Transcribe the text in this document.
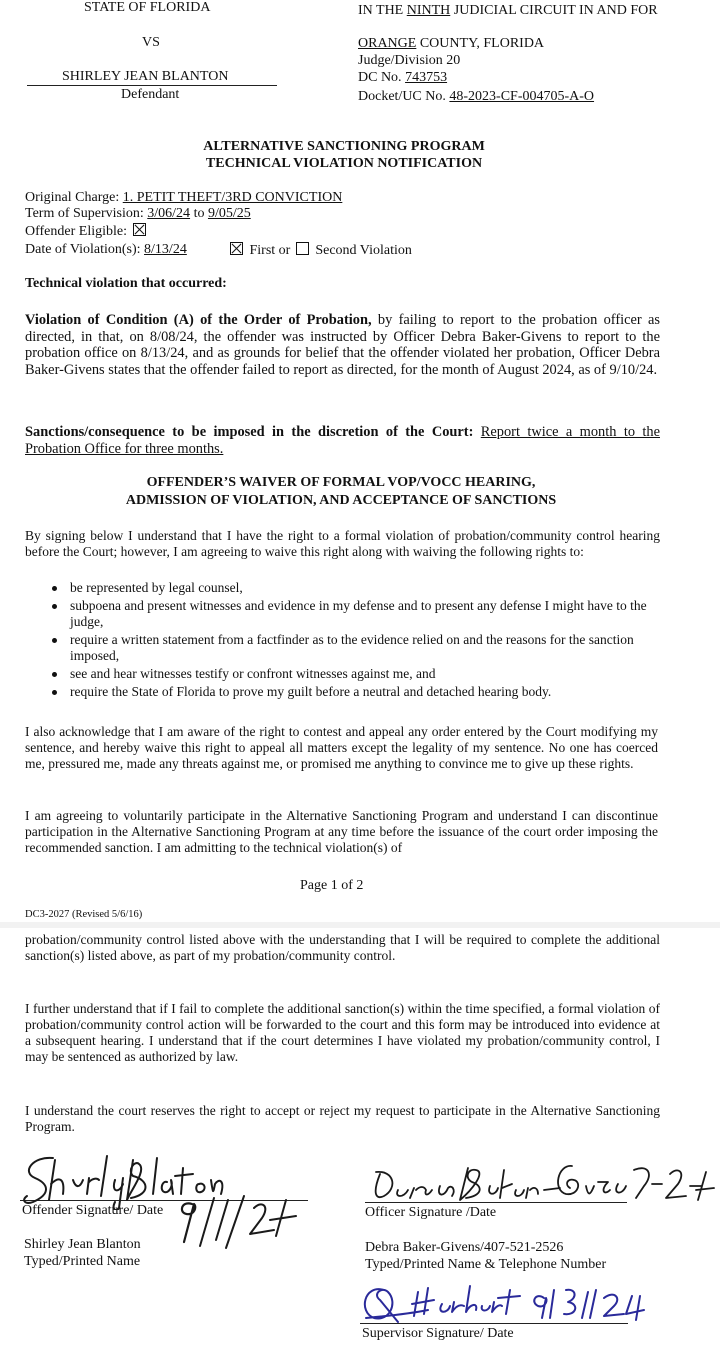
STATE OF FLORIDA
VS
SHIRLEY JEAN BLANTON
Defendant
IN THE NINTH JUDICIAL CIRCUIT IN AND FOR
ORANGE COUNTY, FLORIDA
Judge/Division 20
DC No. 743753
Docket/UC No. 48-2023-CF-004705-A-O
ALTERNATIVE SANCTIONING PROGRAM
TECHNICAL VIOLATION NOTIFICATION
Original Charge: 1. PETIT THEFT/3RD CONVICTION
Term of Supervision: 3/06/24 to 9/05/25
Offender Eligible:
Date of Violation(s): 8/13/24	First or Second Violation
Technical violation that occurred:
Violation of Condition (A) of the Order of Probation, by failing to report to the probation officer as directed, in that, on 8/08/24, the offender was instructed by Officer Debra Baker-Givens to report to the probation office on 8/13/24, and as grounds for belief that the offender violated her probation, Officer Debra Baker-Givens states that the offender failed to report as directed, for the month of August 2024, as of 9/10/24.
Sanctions/consequence to be imposed in the discretion of the Court: Report twice a month to the Probation Office for three months.
OFFENDER’S WAIVER OF FORMAL VOP/VOCC HEARING,
ADMISSION OF VIOLATION, AND ACCEPTANCE OF SANCTIONS
By signing below I understand that I have the right to a formal violation of probation/community control hearing before the Court; however, I am agreeing to waive this right along with waiving the following rights to:
be represented by legal counsel,
subpoena and present witnesses and evidence in my defense and to present any defense I might have to the judge,
require a written statement from a factfinder as to the evidence relied on and the reasons for the sanction imposed,
see and hear witnesses testify or confront witnesses against me, and
require the State of Florida to prove my guilt before a neutral and detached hearing body.
I also acknowledge that I am aware of the right to contest and appeal any order entered by the Court modifying my sentence, and hereby waive this right to appeal all matters except the legality of my sentence. No one has coerced me, pressured me, made any threats against me, or promised me anything to convince me to give up these rights.
I am agreeing to voluntarily participate in the Alternative Sanctioning Program and understand I can discontinue participation in the Alternative Sanctioning Program at any time before the issuance of the court order imposing the recommended sanction. I am admitting to the technical violation(s) of
Page 1 of 2
DC3-2027 (Revised 5/6/16)
probation/community control listed above with the understanding that I will be required to complete the additional sanction(s) listed above, as part of my probation/community control.
I further understand that if I fail to complete the additional sanction(s) within the time specified, a formal violation of probation/community control action will be forwarded to the court and this form may be introduced into evidence at a subsequent hearing. I understand that if the court determines I have violated my probation/community control, I may be sentenced as authorized by law.
I understand the court reserves the right to accept or reject my request to participate in the Alternative Sanctioning Program.
Offender Signature/ Date
Shirley Jean Blanton
Typed/Printed Name
Officer Signature /Date
Debra Baker-Givens/407-521-2526
Typed/Printed Name & Telephone Number
Supervisor Signature/ Date
